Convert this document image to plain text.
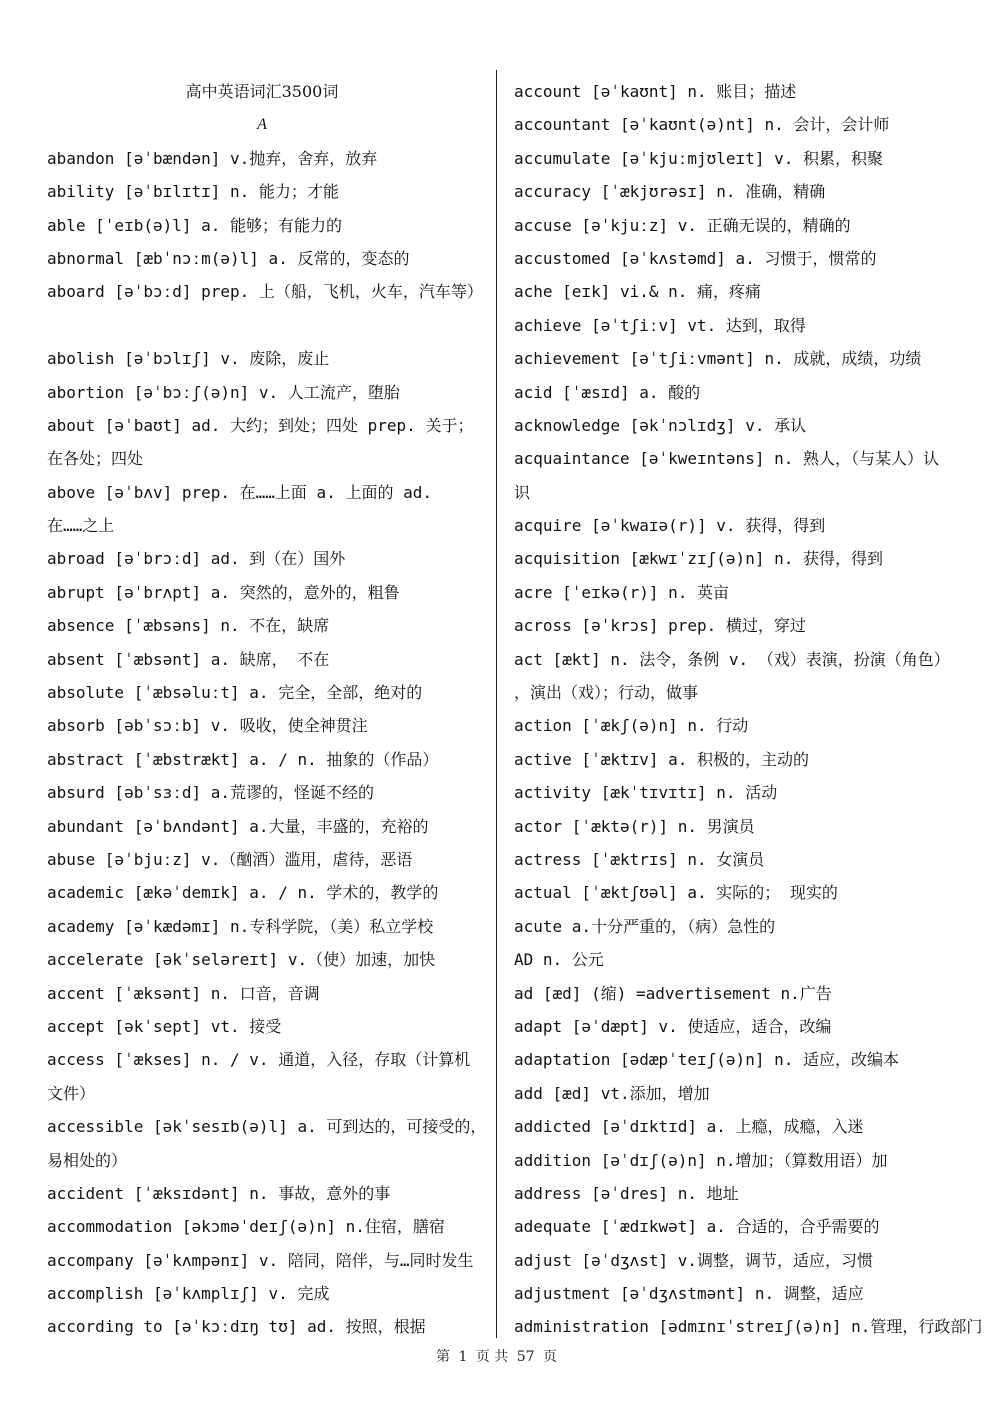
高中英语词汇3500词
A
abandon [əˈbændən] v.抛弃，舍弃，放弃
ability [əˈbɪlɪtɪ] n. 能力；才能
able [ˈeɪb(ə)l] a. 能够；有能力的
abnormal [æbˈnɔːm(ə)l] a. 反常的，变态的
aboard [əˈbɔːd] prep. 上（船，飞机，火车，汽车等）
abolish [əˈbɔlɪʃ] v. 废除，废止
abortion [əˈbɔːʃ(ə)n] v. 人工流产，堕胎
about [əˈbaʊt] ad. 大约；到处；四处 prep. 关于；
在各处；四处
above [əˈbʌv] prep. 在……上面 a. 上面的 ad.
在……之上
abroad [əˈbrɔːd] ad. 到（在）国外
abrupt [əˈbrʌpt] a. 突然的，意外的，粗鲁
absence [ˈæbsəns] n. 不在，缺席
absent [ˈæbsənt] a. 缺席， 不在
absolute [ˈæbsəluːt] a. 完全，全部，绝对的
absorb [əbˈsɔːb] v. 吸收，使全神贯注
abstract [ˈæbstrækt] a. / n. 抽象的（作品）
absurd [əbˈsɜːd] a.荒谬的，怪诞不经的
abundant [əˈbʌndənt] a.大量，丰盛的，充裕的
abuse [əˈbjuːz] v.（酗酒）滥用，虐待，恶语
academic [ækəˈdemɪk] a. / n. 学术的，教学的
academy [əˈkædəmɪ] n.专科学院，（美）私立学校
accelerate [əkˈseləreɪt] v.（使）加速，加快
accent [ˈæksənt] n. 口音，音调
accept [əkˈsept] vt. 接受
access [ˈækses] n. / v. 通道，入径，存取（计算机
文件）
accessible [əkˈsesɪb(ə)l] a. 可到达的，可接受的，
易相处的）
accident [ˈæksɪdənt] n. 事故，意外的事
accommodation [əkɔməˈdeɪʃ(ə)n] n.住宿，膳宿
accompany [əˈkʌmpənɪ] v. 陪同，陪伴，与…同时发生
accomplish [əˈkʌmplɪʃ] v. 完成
according to [əˈkɔːdɪŋ tʊ] ad. 按照，根据
account [əˈkaʊnt] n. 账目；描述
accountant [əˈkaʊnt(ə)nt] n. 会计，会计师
accumulate [əˈkjuːmjʊleɪt] v. 积累，积聚
accuracy [ˈækjʊrəsɪ] n. 准确，精确
accuse [əˈkjuːz] v. 正确无误的，精确的
accustomed [əˈkʌstəmd] a. 习惯于，惯常的
ache [eɪk] vi.& n. 痛，疼痛
achieve [əˈtʃiːv] vt. 达到，取得
achievement [əˈtʃiːvmənt] n. 成就，成绩，功绩
acid [ˈæsɪd] a. 酸的
acknowledge [əkˈnɔlɪdʒ] v. 承认
acquaintance [əˈkweɪntəns] n. 熟人，（与某人）认
识
acquire [əˈkwaɪə(r)] v. 获得，得到
acquisition [ækwɪˈzɪʃ(ə)n] n. 获得，得到
acre [ˈeɪkə(r)] n. 英亩
across [əˈkrɔs] prep. 横过，穿过
act [ækt] n. 法令，条例 v. （戏）表演，扮演（角色）
，演出（戏）；行动，做事
action [ˈækʃ(ə)n] n. 行动
active [ˈæktɪv] a. 积极的，主动的
activity [ækˈtɪvɪtɪ] n. 活动
actor [ˈæktə(r)] n. 男演员
actress [ˈæktrɪs] n. 女演员
actual [ˈæktʃʊəl] a. 实际的； 现实的
acute a.十分严重的，（病）急性的
AD n. 公元
ad [æd] (缩) =advertisement n.广告
adapt [əˈdæpt] v. 使适应，适合，改编
adaptation [ədæpˈteɪʃ(ə)n] n. 适应，改编本
add [æd] vt.添加，增加
addicted [əˈdɪktɪd] a. 上瘾，成瘾，入迷
addition [əˈdɪʃ(ə)n] n.增加；（算数用语）加
address [əˈdres] n. 地址
adequate [ˈædɪkwət] a. 合适的，合乎需要的
adjust [əˈdʒʌst] v.调整，调节，适应，习惯
adjustment [əˈdʒʌstmənt] n. 调整，适应
administration [ədmɪnɪˈstreɪʃ(ə)n] n.管理，行政部门
第 1 页 共 57 页
